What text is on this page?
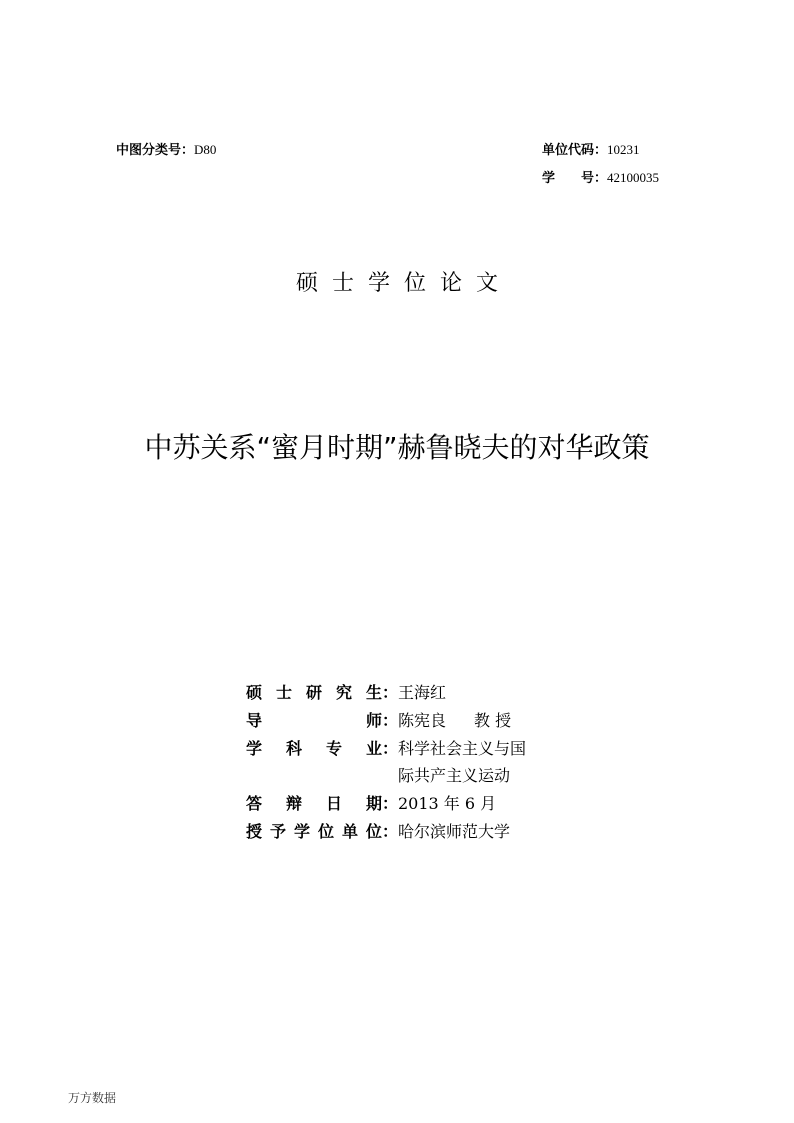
中图分类号：D80	单位代码：10231
学 号：42100035
硕士学位论文
中苏关系“蜜月时期”赫鲁晓夫的对华政策
硕 士 研 究 生： 王海红
导	师： 陈宪良 教 授
学 科 专 业： 科学社会主义与国
际共产主义运动
答 辩 日 期： 2013 年 6 月
授 予 学 位 单 位： 哈尔滨师范大学
万方数据
